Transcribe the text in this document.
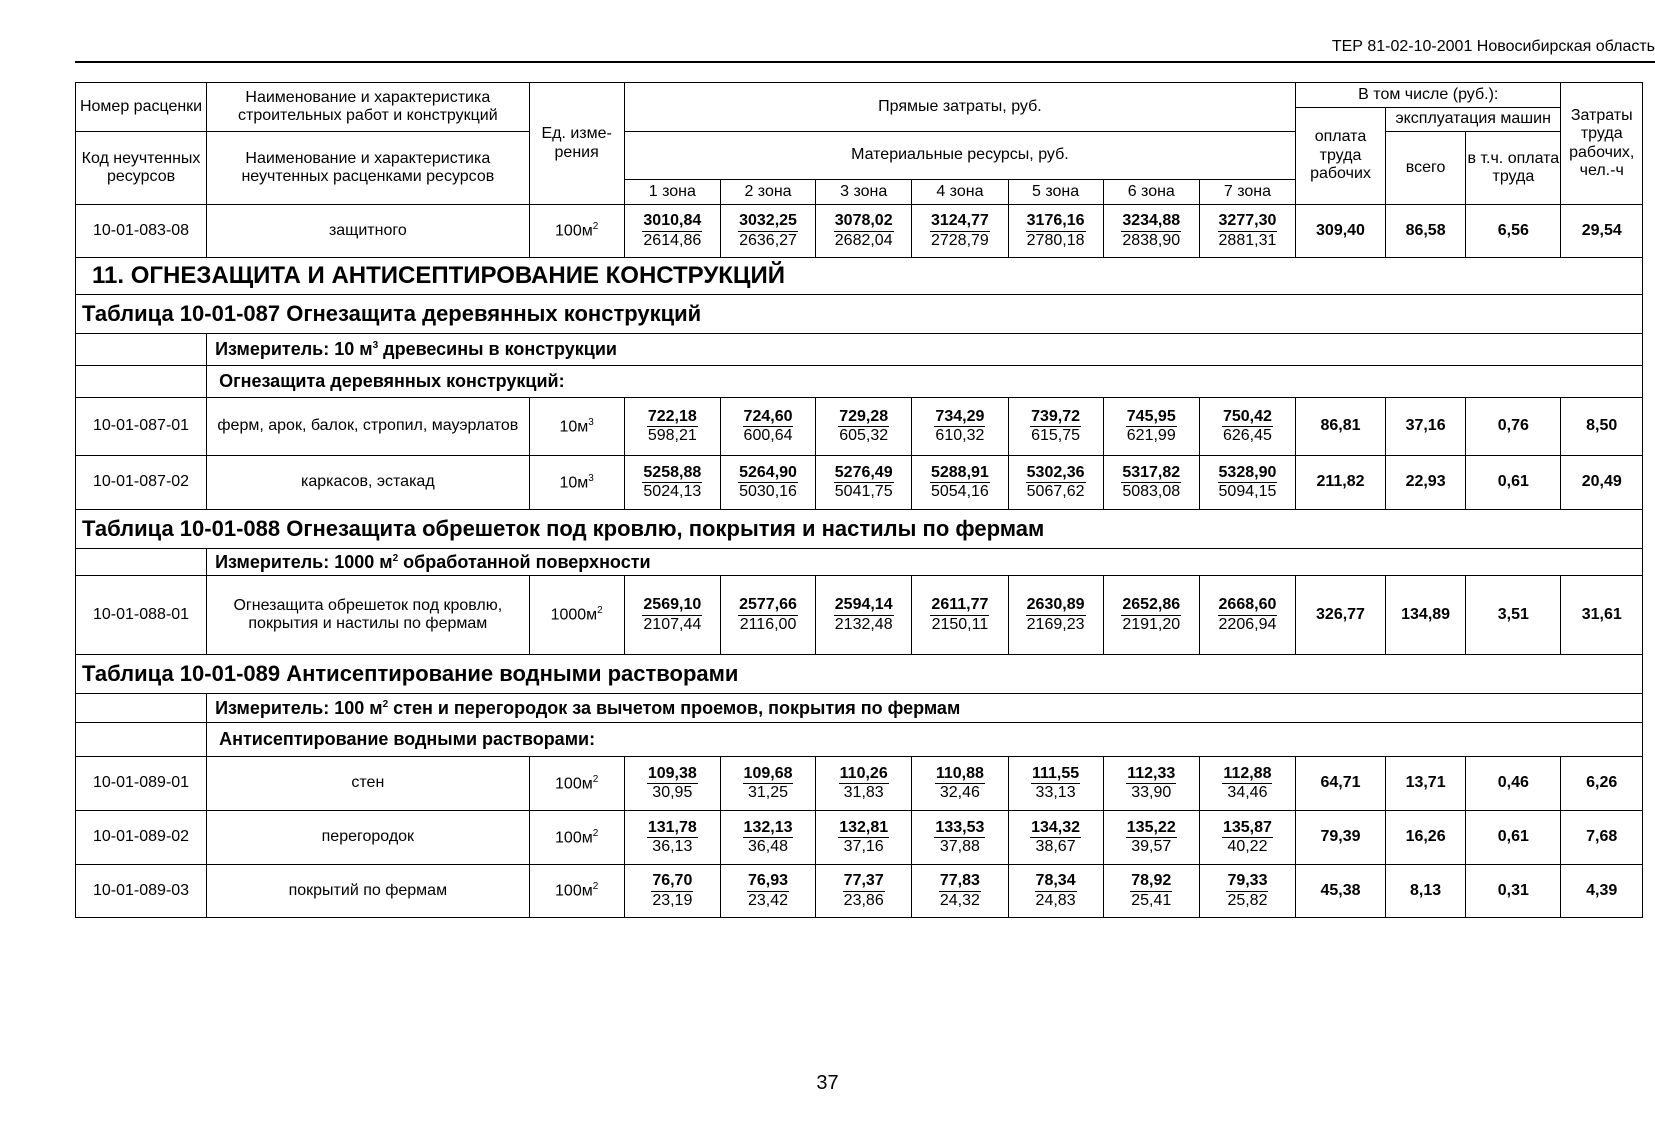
ТЕР 81-02-10-2001 Новосибирская область
Номер расценки	Наименование и характеристика строительных работ и конструкций	Ед. изме- рения	Прямые затраты, руб.							В том числе (руб.):			Затраты труда рабочих, чел.-ч
										оплата труда рабочих	эксплуатация машин		
Код неучтенных ресурсов	Наименование и характеристика неучтенных расценками ресурсов		Материальные ресурсы, руб.								всего	в т.ч. оплата труда	
			1 зона	2 зона	3 зона	4 зона	5 зона	6 зона	7 зона				
10-01-083-08	защитного	$100м^2$	$\frac{3010,84}{2614,86}$	$\frac{3032,25}{2636,27}$	$\frac{3078,02}{2682,04}$	$\frac{3124,77}{2728,79}$	$\frac{3176,16}{2780,18}$	$\frac{3234,88}{2838,90}$	$\frac{3277,30}{2881,31}$	309,40	86,58	6,56	29,54
11. ОГНЕЗАЩИТА И АНТИСЕПТИРОВАНИЕ КОНСТРУКЦИЙ													
Таблица 10-01-087 Огнезащита деревянных конструкций													
	Измеритель: 10 $м^3$ древесины в конструкции												
	Огнезащита деревянных конструкций:												
10-01-087-01	ферм, арок, балок, стропил, мауэрлатов	$10м^3$	$\frac{722,18}{598,21}$	$\frac{724,60}{600,64}$	$\frac{729,28}{605,32}$	$\frac{734,29}{610,32}$	$\frac{739,72}{615,75}$	$\frac{745,95}{621,99}$	$\frac{750,42}{626,45}$	86,81	37,16	0,76	8,50
10-01-087-02	каркасов, эстакад	$10м^3$	$\frac{5258,88}{5024,13}$	$\frac{5264,90}{5030,16}$	$\frac{5276,49}{5041,75}$	$\frac{5288,91}{5054,16}$	$\frac{5302,36}{5067,62}$	$\frac{5317,82}{5083,08}$	$\frac{5328,90}{5094,15}$	211,82	22,93	0,61	20,49
Таблица 10-01-088 Огнезащита обрешеток под кровлю, покрытия и настилы по фермам													
	Измеритель: 1000 $м^2$ обработанной поверхности												
10-01-088-01	Огнезащита обрешеток под кровлю, покрытия и настилы по фермам	$1000м^2$	$\frac{2569,10}{2107,44}$	$\frac{2577,66}{2116,00}$	$\frac{2594,14}{2132,48}$	$\frac{2611,77}{2150,11}$	$\frac{2630,89}{2169,23}$	$\frac{2652,86}{2191,20}$	$\frac{2668,60}{2206,94}$	326,77	134,89	3,51	31,61
Таблица 10-01-089 Антисептирование водными растворами													
	Измеритель: 100 $м^2$ стен и перегородок за вычетом проемов, покрытия по фермам												
	Антисептирование водными растворами:												
10-01-089-01	стен	$100м^2$	$\frac{109,38}{30,95}$	$\frac{109,68}{31,25}$	$\frac{110,26}{31,83}$	$\frac{110,88}{32,46}$	$\frac{111,55}{33,13}$	$\frac{112,33}{33,90}$	$\frac{112,88}{34,46}$	64,71	13,71	0,46	6,26
10-01-089-02	перегородок	$100м^2$	$\frac{131,78}{36,13}$	$\frac{132,13}{36,48}$	$\frac{132,81}{37,16}$	$\frac{133,53}{37,88}$	$\frac{134,32}{38,67}$	$\frac{135,22}{39,57}$	$\frac{135,87}{40,22}$	79,39	16,26	0,61	7,68
10-01-089-03	покрытий по фермам	$100м^2$	$\frac{76,70}{23,19}$	$\frac{76,93}{23,42}$	$\frac{77,37}{23,86}$	$\frac{77,83}{24,32}$	$\frac{78,34}{24,83}$	$\frac{78,92}{25,41}$	$\frac{79,33}{25,82}$	45,38	8,13	0,31	4,39
37
